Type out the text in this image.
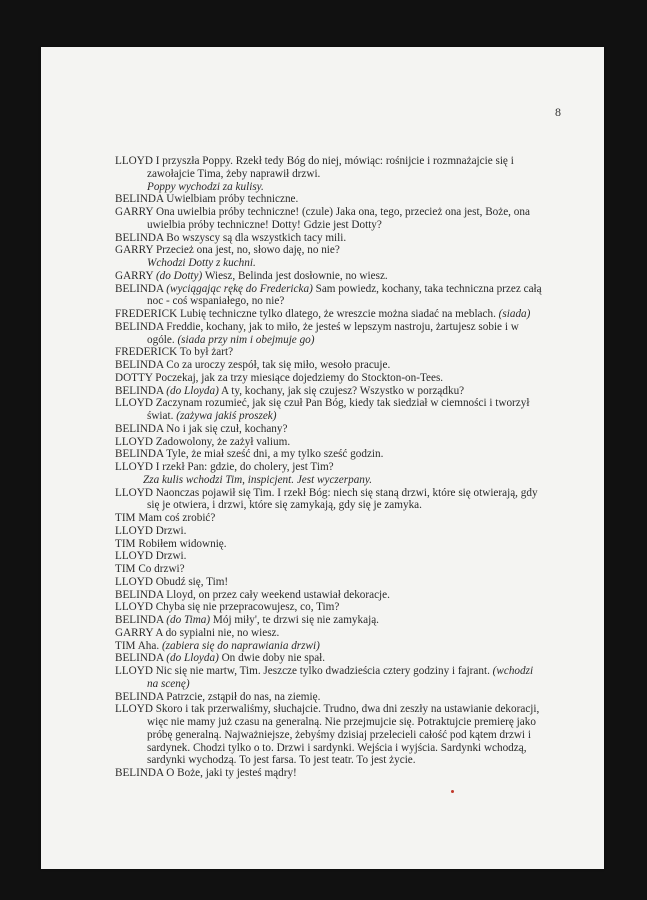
8

LLOYD I przyszła Poppy. Rzekł tedy Bóg do niej, mówiąc: rośnijcie i rozmnażajcie się i zawołajcie Tima, żeby naprawił drzwi.

Poppy wychodzi za kulisy.

BELINDA Uwielbiam próby techniczne.

GARRY Ona uwielbia próby techniczne! (czule) Jaka ona, tego, przecież ona jest, Boże, ona uwielbia próby techniczne! Dotty! Gdzie jest Dotty?

BELINDA Bo wszyscy są dla wszystkich tacy mili.

GARRY Przecież ona jest, no, słowo daję, no nie?

Wchodzi Dotty z kuchni.

GARRY (do Dotty) Wiesz, Belinda jest dosłownie, no wiesz.

BELINDA (wyciągając rękę do Fredericka) Sam powiedz, kochany, taka techniczna przez całą noc - coś wspaniałego, no nie?

FREDERICK Lubię techniczne tylko dlatego, że wreszcie można siadać na meblach. (siada)

BELINDA Freddie, kochany, jak to miło, że jesteś w lepszym nastroju, żartujesz sobie i w ogóle. (siada przy nim i obejmuje go)

FREDERICK To był żart?

BELINDA Co za uroczy zespół, tak się miło, wesoło pracuje.

DOTTY Poczekaj, jak za trzy miesiące dojedziemy do Stockton-on-Tees.

BELINDA (do Lloyda) A ty, kochany, jak się czujesz? Wszystko w porządku?

LLOYD Zaczynam rozumieć, jak się czuł Pan Bóg, kiedy tak siedział w ciemności i tworzył świat. (zażywa jakiś proszek)

BELINDA No i jak się czuł, kochany?

LLOYD Zadowolony, że zażył valium.

BELINDA Tyle, że miał sześć dni, a my tylko sześć godzin.

LLOYD I rzekł Pan: gdzie, do cholery, jest Tim?

Zza kulis wchodzi Tim, inspicjent. Jest wyczerpany.

LLOYD Naonczas pojawił się Tim. I rzekł Bóg: niech się staną drzwi, które się otwierają, gdy się je otwiera, i drzwi, które się zamykają, gdy się je zamyka.

TIM Mam coś zrobić?

LLOYD Drzwi.

TIM Robiłem widownię.

LLOYD Drzwi.

TIM Co drzwi?

LLOYD Obudź się, Tim!

BELINDA Lloyd, on przez cały weekend ustawiał dekoracje.

LLOYD Chyba się nie przepracowujesz, co, Tim?

BELINDA (do Tima) Mój miły', te drzwi się nie zamykają.

GARRY A do sypialni nie, no wiesz.

TIM Aha. (zabiera się do naprawiania drzwi)

BELINDA (do Lloyda) On dwie doby nie spał.

LLOYD Nic się nie martw, Tim. Jeszcze tylko dwadzieścia cztery godziny i fajrant. (wchodzi na scenę)

BELINDA Patrzcie, zstąpił do nas, na ziemię.

LLOYD Skoro i tak przerwaliśmy, słuchajcie. Trudno, dwa dni zeszły na ustawianie dekoracji, więc nie mamy już czasu na generalną. Nie przejmujcie się. Potraktujcie premierę jako próbę generalną. Najważniejsze, żebyśmy dzisiaj przelecieli całość pod kątem drzwi i sardynek. Chodzi tylko o to. Drzwi i sardynki. Wejścia i wyjścia. Sardynki wchodzą, sardynki wychodzą. To jest farsa. To jest teatr. To jest życie.

BELINDA O Boże, jaki ty jesteś mądry!
